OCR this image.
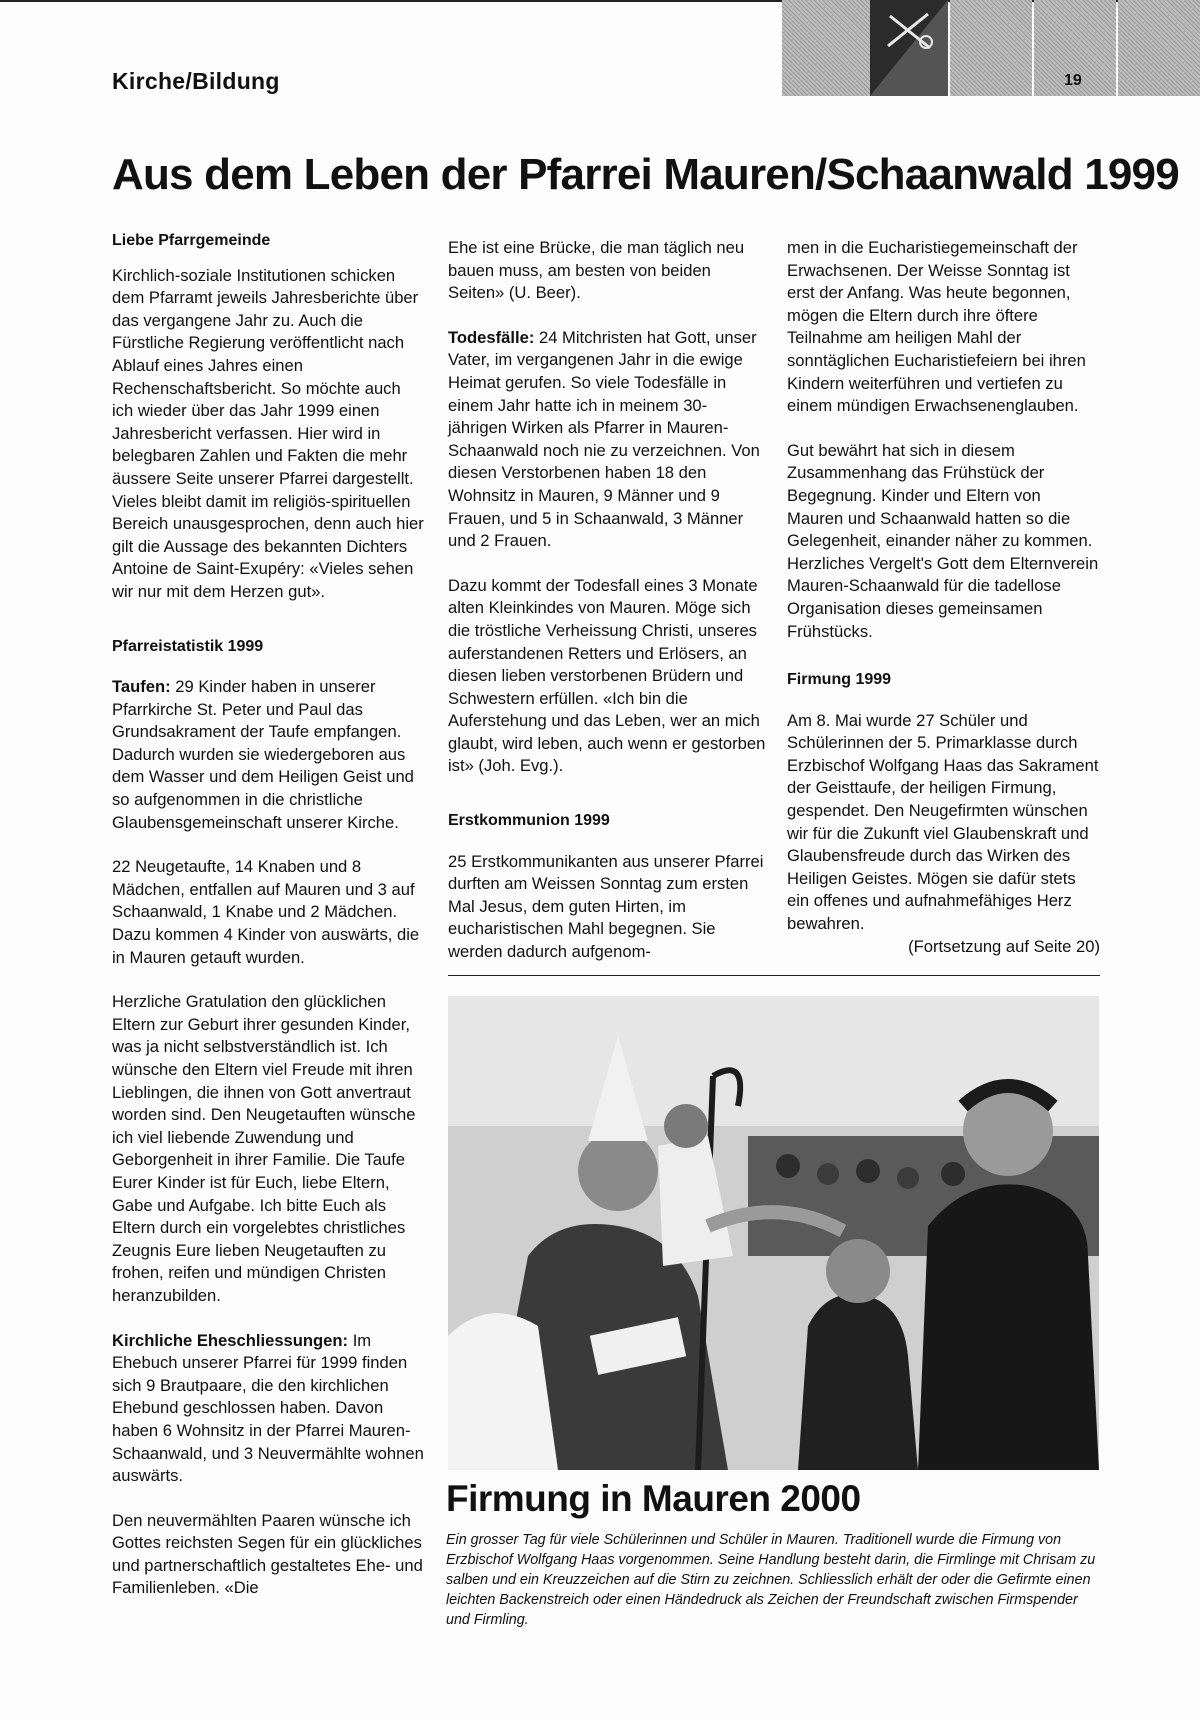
Kirche/Bildung	19
Aus dem Leben der Pfarrei Mauren/Schaanwald 1999
Liebe Pfarrgemeinde

Kirchlich-soziale Institutionen schicken dem Pfarramt jeweils Jahresberichte über das vergangene Jahr zu. Auch die Fürstliche Regierung veröffentlicht nach Ablauf eines Jahres einen Rechenschaftsbericht. So möchte auch ich wieder über das Jahr 1999 einen Jahresbericht verfassen. Hier wird in belegbaren Zahlen und Fakten die mehr äussere Seite unserer Pfarrei dargestellt. Vieles bleibt damit im religiös-spirituellen Bereich unausgesprochen, denn auch hier gilt die Aussage des bekannten Dichters Antoine de Saint-Exupéry: «Vieles sehen wir nur mit dem Herzen gut».

Pfarreistatistik 1999

Taufen: 29 Kinder haben in unserer Pfarrkirche St. Peter und Paul das Grundsakrament der Taufe empfangen. Dadurch wurden sie wiedergeboren aus dem Wasser und dem Heiligen Geist und so aufgenommen in die christliche Glaubensgemeinschaft unserer Kirche.

22 Neugetaufte, 14 Knaben und 8 Mädchen, entfallen auf Mauren und 3 auf Schaanwald, 1 Knabe und 2 Mädchen. Dazu kommen 4 Kinder von auswärts, die in Mauren getauft wurden.

Herzliche Gratulation den glücklichen Eltern zur Geburt ihrer gesunden Kinder, was ja nicht selbstverständlich ist. Ich wünsche den Eltern viel Freude mit ihren Lieblingen, die ihnen von Gott anvertraut worden sind. Den Neugetauften wünsche ich viel liebende Zuwendung und Geborgenheit in ihrer Familie. Die Taufe Eurer Kinder ist für Euch, liebe Eltern, Gabe und Aufgabe. Ich bitte Euch als Eltern durch ein vorgelebtes christliches Zeugnis Eure lieben Neugetauften zu frohen, reifen und mündigen Christen heranzubilden.

Kirchliche Eheschliessungen: Im Ehebuch unserer Pfarrei für 1999 finden sich 9 Brautpaare, die den kirchlichen Ehebund geschlossen haben. Davon haben 6 Wohnsitz in der Pfarrei Mauren-Schaanwald, und 3 Neuvermählte wohnen auswärts.

Den neuvermählten Paaren wünsche ich Gottes reichsten Segen für ein glückliches und partnerschaftlich gestaltetes Ehe- und Familienleben. «Die

Ehe ist eine Brücke, die man täglich neu bauen muss, am besten von beiden Seiten» (U. Beer).

Todesfälle: 24 Mitchristen hat Gott, unser Vater, im vergangenen Jahr in die ewige Heimat gerufen. So viele Todesfälle in einem Jahr hatte ich in meinem 30-jährigen Wirken als Pfarrer in Mauren-Schaanwald noch nie zu verzeichnen. Von diesen Verstorbenen haben 18 den Wohnsitz in Mauren, 9 Männer und 9 Frauen, und 5 in Schaanwald, 3 Männer und 2 Frauen.

Dazu kommt der Todesfall eines 3 Monate alten Kleinkindes von Mauren. Möge sich die tröstliche Verheissung Christi, unseres auferstandenen Retters und Erlösers, an diesen lieben verstorbenen Brüdern und Schwestern erfüllen. «Ich bin die Auferstehung und das Leben, wer an mich glaubt, wird leben, auch wenn er gestorben ist» (Joh. Evg.).

Erstkommunion 1999

25 Erstkommunikanten aus unserer Pfarrei durften am Weissen Sonntag zum ersten Mal Jesus, dem guten Hirten, im eucharistischen Mahl begegnen. Sie werden dadurch aufgenom-

men in die Eucharistiegemeinschaft der Erwachsenen. Der Weisse Sonntag ist erst der Anfang. Was heute begonnen, mögen die Eltern durch ihre öftere Teilnahme am heiligen Mahl der sonntäglichen Eucharistiefeiern bei ihren Kindern weiterführen und vertiefen zu einem mündigen Erwachsenenglauben.

Gut bewährt hat sich in diesem Zusammenhang das Frühstück der Begegnung. Kinder und Eltern von Mauren und Schaanwald hatten so die Gelegenheit, einander näher zu kommen. Herzliches Vergelt's Gott dem Elternverein Mauren-Schaanwald für die tadellose Organisation dieses gemeinsamen Frühstücks.

Firmung 1999

Am 8. Mai wurde 27 Schüler und Schülerinnen der 5. Primarklasse durch Erzbischof Wolfgang Haas das Sakrament der Geisttaufe, der heiligen Firmung, gespendet. Den Neugefirmten wünschen wir für die Zukunft viel Glaubenskraft und Glaubensfreude durch das Wirken des Heiligen Geistes. Mögen sie dafür stets ein offenes und aufnahmefähiges Herz bewahren.

(Fortsetzung auf Seite 20)
Firmung in Mauren 2000
Ein grosser Tag für viele Schülerinnen und Schüler in Mauren. Traditionell wurde die Firmung von Erzbischof Wolfgang Haas vorgenommen. Seine Handlung besteht darin, die Firmlinge mit Chrisam zu salben und ein Kreuzzeichen auf die Stirn zu zeichnen. Schliesslich erhält der oder die Gefirmte einen leichten Backenstreich oder einen Händedruck als Zeichen der Freundschaft zwischen Firmspender und Firmling.
